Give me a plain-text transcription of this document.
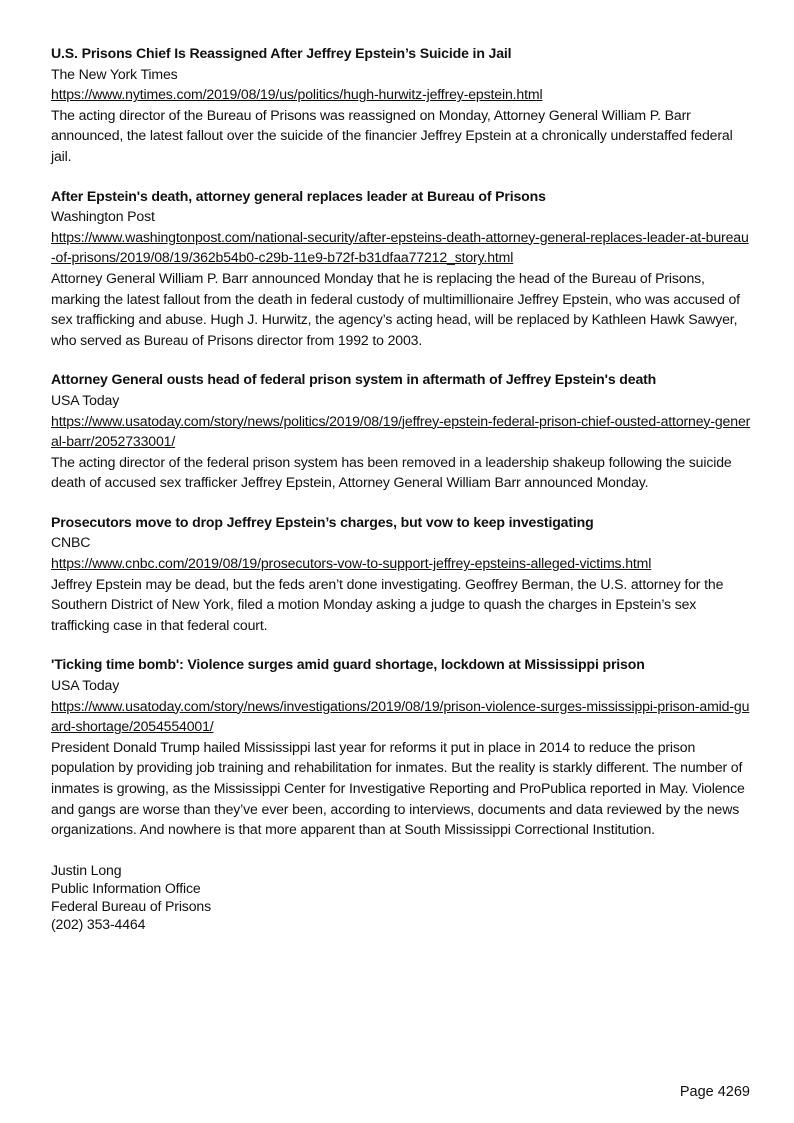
U.S. Prisons Chief Is Reassigned After Jeffrey Epstein’s Suicide in Jail
The New York Times
https://www.nytimes.com/2019/08/19/us/politics/hugh-hurwitz-jeffrey-epstein.html
The acting director of the Bureau of Prisons was reassigned on Monday, Attorney General William P. Barr announced, the latest fallout over the suicide of the financier Jeffrey Epstein at a chronically understaffed federal jail.
After Epstein's death, attorney general replaces leader at Bureau of Prisons
Washington Post
https://www.washingtonpost.com/national-security/after-epsteins-death-attorney-general-replaces-leader-at-bureau-of-prisons/2019/08/19/362b54b0-c29b-11e9-b72f-b31dfaa77212_story.html
Attorney General William P. Barr announced Monday that he is replacing the head of the Bureau of Prisons, marking the latest fallout from the death in federal custody of multimillionaire Jeffrey Epstein, who was accused of sex trafficking and abuse. Hugh J. Hurwitz, the agency’s acting head, will be replaced by Kathleen Hawk Sawyer, who served as Bureau of Prisons director from 1992 to 2003.
Attorney General ousts head of federal prison system in aftermath of Jeffrey Epstein's death
USA Today
https://www.usatoday.com/story/news/politics/2019/08/19/jeffrey-epstein-federal-prison-chief-ousted-attorney-general-barr/2052733001/
The acting director of the federal prison system has been removed in a leadership shakeup following the suicide death of accused sex trafficker Jeffrey Epstein, Attorney General William Barr announced Monday.
Prosecutors move to drop Jeffrey Epstein’s charges, but vow to keep investigating
CNBC
https://www.cnbc.com/2019/08/19/prosecutors-vow-to-support-jeffrey-epsteins-alleged-victims.html
Jeffrey Epstein may be dead, but the feds aren’t done investigating. Geoffrey Berman, the U.S. attorney for the Southern District of New York, filed a motion Monday asking a judge to quash the charges in Epstein’s sex trafficking case in that federal court.
'Ticking time bomb': Violence surges amid guard shortage, lockdown at Mississippi prison
USA Today
https://www.usatoday.com/story/news/investigations/2019/08/19/prison-violence-surges-mississippi-prison-amid-guard-shortage/2054554001/
President Donald Trump hailed Mississippi last year for reforms it put in place in 2014 to reduce the prison population by providing job training and rehabilitation for inmates. But the reality is starkly different. The number of inmates is growing, as the Mississippi Center for Investigative Reporting and ProPublica reported in May. Violence and gangs are worse than they’ve ever been, according to interviews, documents and data reviewed by the news organizations. And nowhere is that more apparent than at South Mississippi Correctional Institution.
Justin Long
Public Information Office
Federal Bureau of Prisons
(202) 353-4464
Page 4269
